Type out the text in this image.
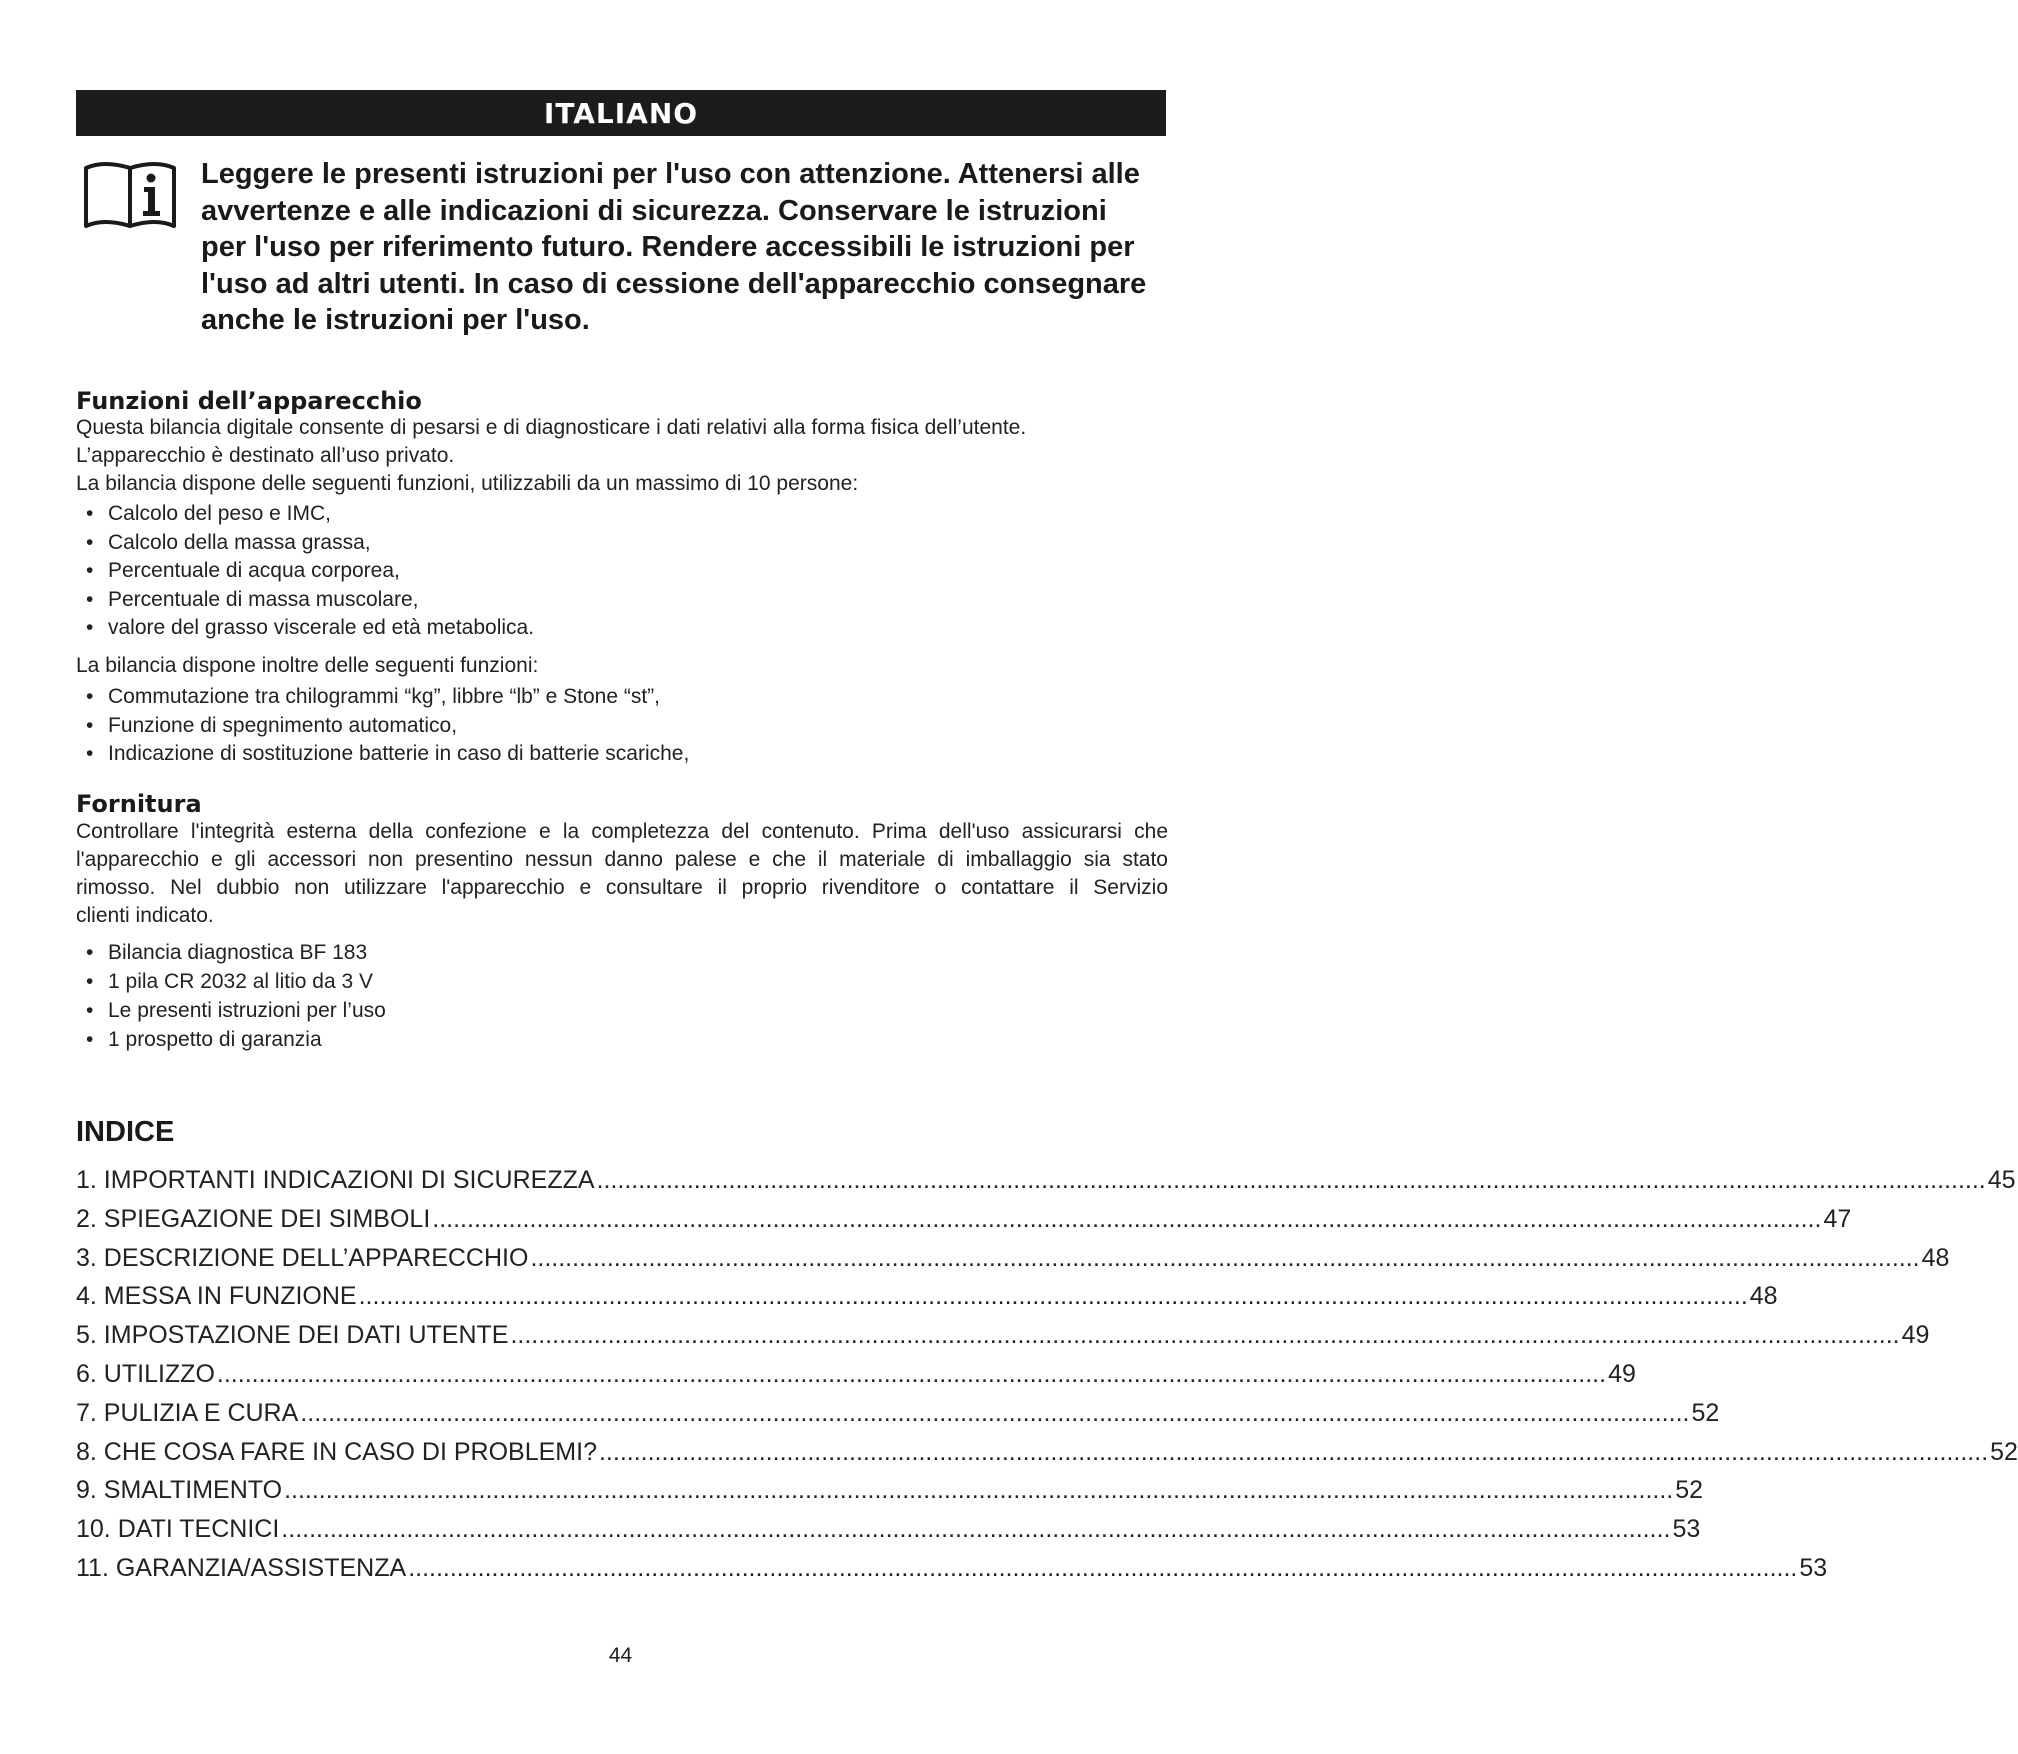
ITALIANO

Leggere le presenti istruzioni per l'uso con attenzione. Attenersi alle

avvertenze e alle indicazioni di sicurezza. Conservare le istruzioni

per l'uso per riferimento futuro. Rendere accessibili le istruzioni per

l'uso ad altri utenti. In caso di cessione dell'apparecchio consegnare

anche le istruzioni per l'uso.

Funzioni dell’apparecchio

Questa bilancia digitale consente di pesarsi e di diagnosticare i dati relativi alla forma fisica dell’utente.

L’apparecchio è destinato all’uso privato.

La bilancia dispone delle seguenti funzioni, utilizzabili da un massimo di 10 persone:

• Calcolo del peso e IMC,
• Calcolo della massa grassa,
• Percentuale di acqua corporea,
• Percentuale di massa muscolare,
• valore del grasso viscerale ed età metabolica.

La bilancia dispone inoltre delle seguenti funzioni:

• Commutazione tra chilogrammi “kg”, libbre “lb” e Stone “st”,
• Funzione di spegnimento automatico,
• Indicazione di sostituzione batterie in caso di batterie scariche,
Fornitura

Controllare l'integrità esterna della confezione e la completezza del contenuto. Prima dell'uso assicurarsi che

l'apparecchio e gli accessori non presentino nessun danno palese e che il materiale di imballaggio sia stato

rimosso. Nel dubbio non utilizzare l'apparecchio e consultare il proprio rivenditore o contattare il Servizio

clienti indicato.

• Bilancia diagnostica BF 183
• 1 pila CR 2032 al litio da 3 V
• Le presenti istruzioni per l’uso
• 1 prospetto di garanzia
INDICE
1. IMPORTANTI INDICAZIONI DI SICUREZZA ........................................................................................................................................................................................................ 45
2. SPIEGAZIONE DEI SIMBOLI ........................................................................................................................................................................................................ 47
3. DESCRIZIONE DELL’APPARECCHIO ........................................................................................................................................................................................................ 48
4. MESSA IN FUNZIONE ........................................................................................................................................................................................................ 48
5. IMPOSTAZIONE DEI DATI UTENTE ........................................................................................................................................................................................................ 49
6. UTILIZZO ........................................................................................................................................................................................................ 49
7. PULIZIA E CURA ........................................................................................................................................................................................................ 52
8. CHE COSA FARE IN CASO DI PROBLEMI? ........................................................................................................................................................................................................ 52
9. SMALTIMENTO ........................................................................................................................................................................................................ 52
10. DATI TECNICI ........................................................................................................................................................................................................ 53
11. GARANZIA/ASSISTENZA ........................................................................................................................................................................................................ 53
44
